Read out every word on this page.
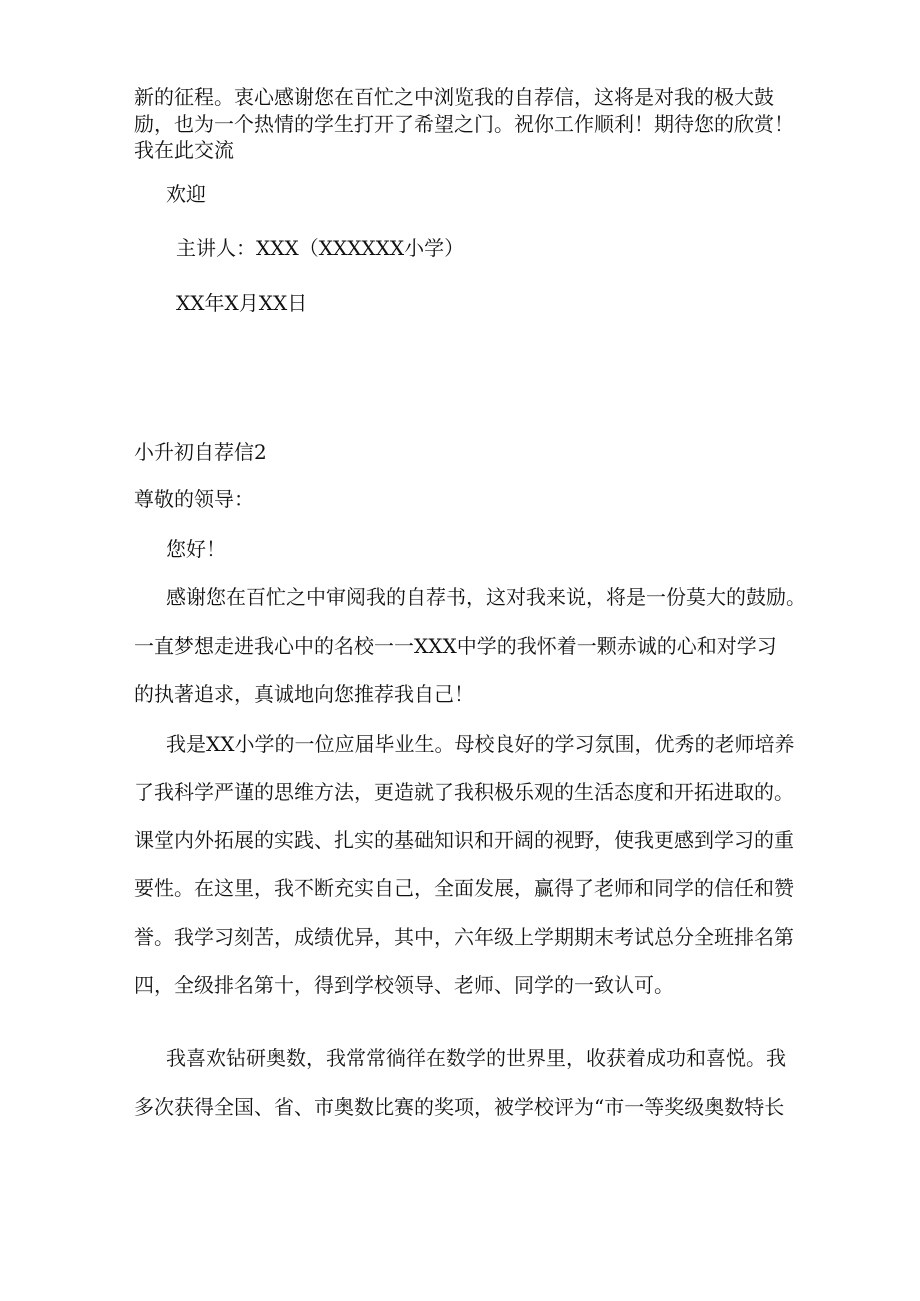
新的征程。衷心感谢您在百忙之中浏览我的自荐信，这将是对我的极大鼓

励，也为一个热情的学生打开了希望之门。祝你工作顺利！期待您的欣赏！

我在此交流

欢迎

主讲人：XXX（XXXXXX小学）

XX年X月XX日

小升初自荐信2

尊敬的领导：

您好！

感谢您在百忙之中审阅我的自荐书，这对我来说，将是一份莫大的鼓励。

一直梦想走进我心中的名校一一XXX中学的我怀着一颗赤诚的心和对学习

的执著追求，真诚地向您推荐我自己！

我是XX小学的一位应届毕业生。母校良好的学习氛围，优秀的老师培养

了我科学严谨的思维方法，更造就了我积极乐观的生活态度和开拓进取的。

课堂内外拓展的实践、扎实的基础知识和开阔的视野，使我更感到学习的重

要性。在这里，我不断充实自己，全面发展，赢得了老师和同学的信任和赞

誉。我学习刻苦，成绩优异，其中，六年级上学期期末考试总分全班排名第

四，全级排名第十，得到学校领导、老师、同学的一致认可。

我喜欢钻研奥数，我常常徜徉在数学的世界里，收获着成功和喜悦。我

多次获得全国、省、市奥数比赛的奖项，被学校评为“市一等奖级奥数特长
